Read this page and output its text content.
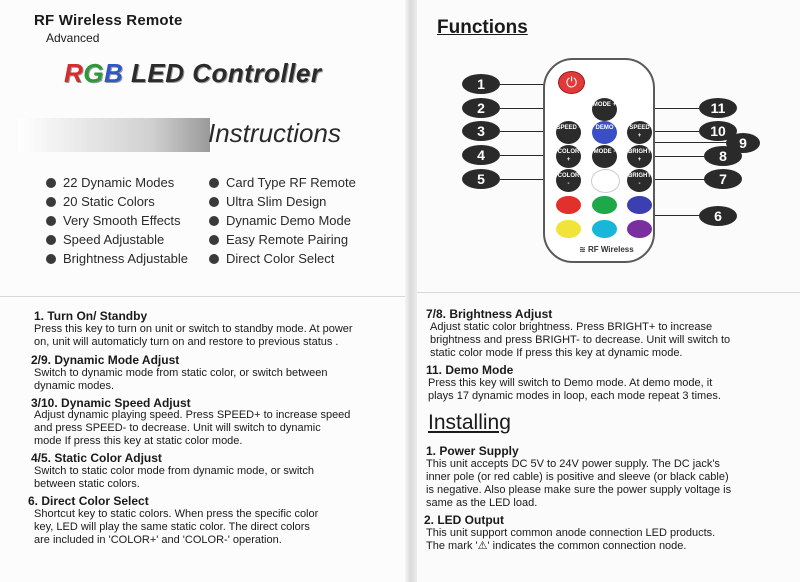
RF Wireless Remote
Advanced
RGB LED Controller
Instructions
22 Dynamic Modes
20 Static Colors
Very Smooth Effects
Speed Adjustable
Brightness Adjustable
Card Type RF Remote
Ultra Slim Design
Dynamic Demo Mode
Easy Remote Pairing
Direct Color Select
1. Turn On/ Standby
Press this key to turn on unit or switch to standby mode. At power
on, unit will automaticly turn on and restore to previous status .
2/9. Dynamic Mode Adjust
Switch to dynamic mode from static color, or switch between
dynamic modes.
3/10. Dynamic Speed Adjust
Adjust dynamic playing speed. Press SPEED+ to increase speed
and press SPEED- to decrease. Unit will switch to dynamic
mode If press this key at static color mode.
4/5. Static Color Adjust
Switch to static color mode from dynamic mode, or switch
between static colors.
6. Direct Color Select
Shortcut key to static colors. When press the specific color
key, LED will play the same static color. The direct colors
are included in 'COLOR+' and 'COLOR-' operation.
Functions
⏻
MODE +
SPEED -	DEMO	SPEED +
COLOR +
MODE - BRIGHT +
COLOR -
BRIGHT -
≋ RF Wireless
1
2
3
4
5
6
7
8
9
10
11
7/8. Brightness Adjust
Adjust static color brightness. Press BRIGHT+ to increase
brightness and press BRIGHT- to decrease. Unit will switch to
static color mode If press this key at dynamic mode.
11. Demo Mode
Press this key will switch to Demo mode. At demo mode, it
plays 17 dynamic modes in loop, each mode repeat 3 times.
Installing
1. Power Supply
This unit accepts DC 5V to 24V power supply. The DC jack's
inner pole (or red cable) is positive and sleeve (or black cable)
is negative. Also please make sure the power supply voltage is
same as the LED load.
2. LED Output
This unit support common anode connection LED products.
The mark '⚠' indicates the common connection node.
